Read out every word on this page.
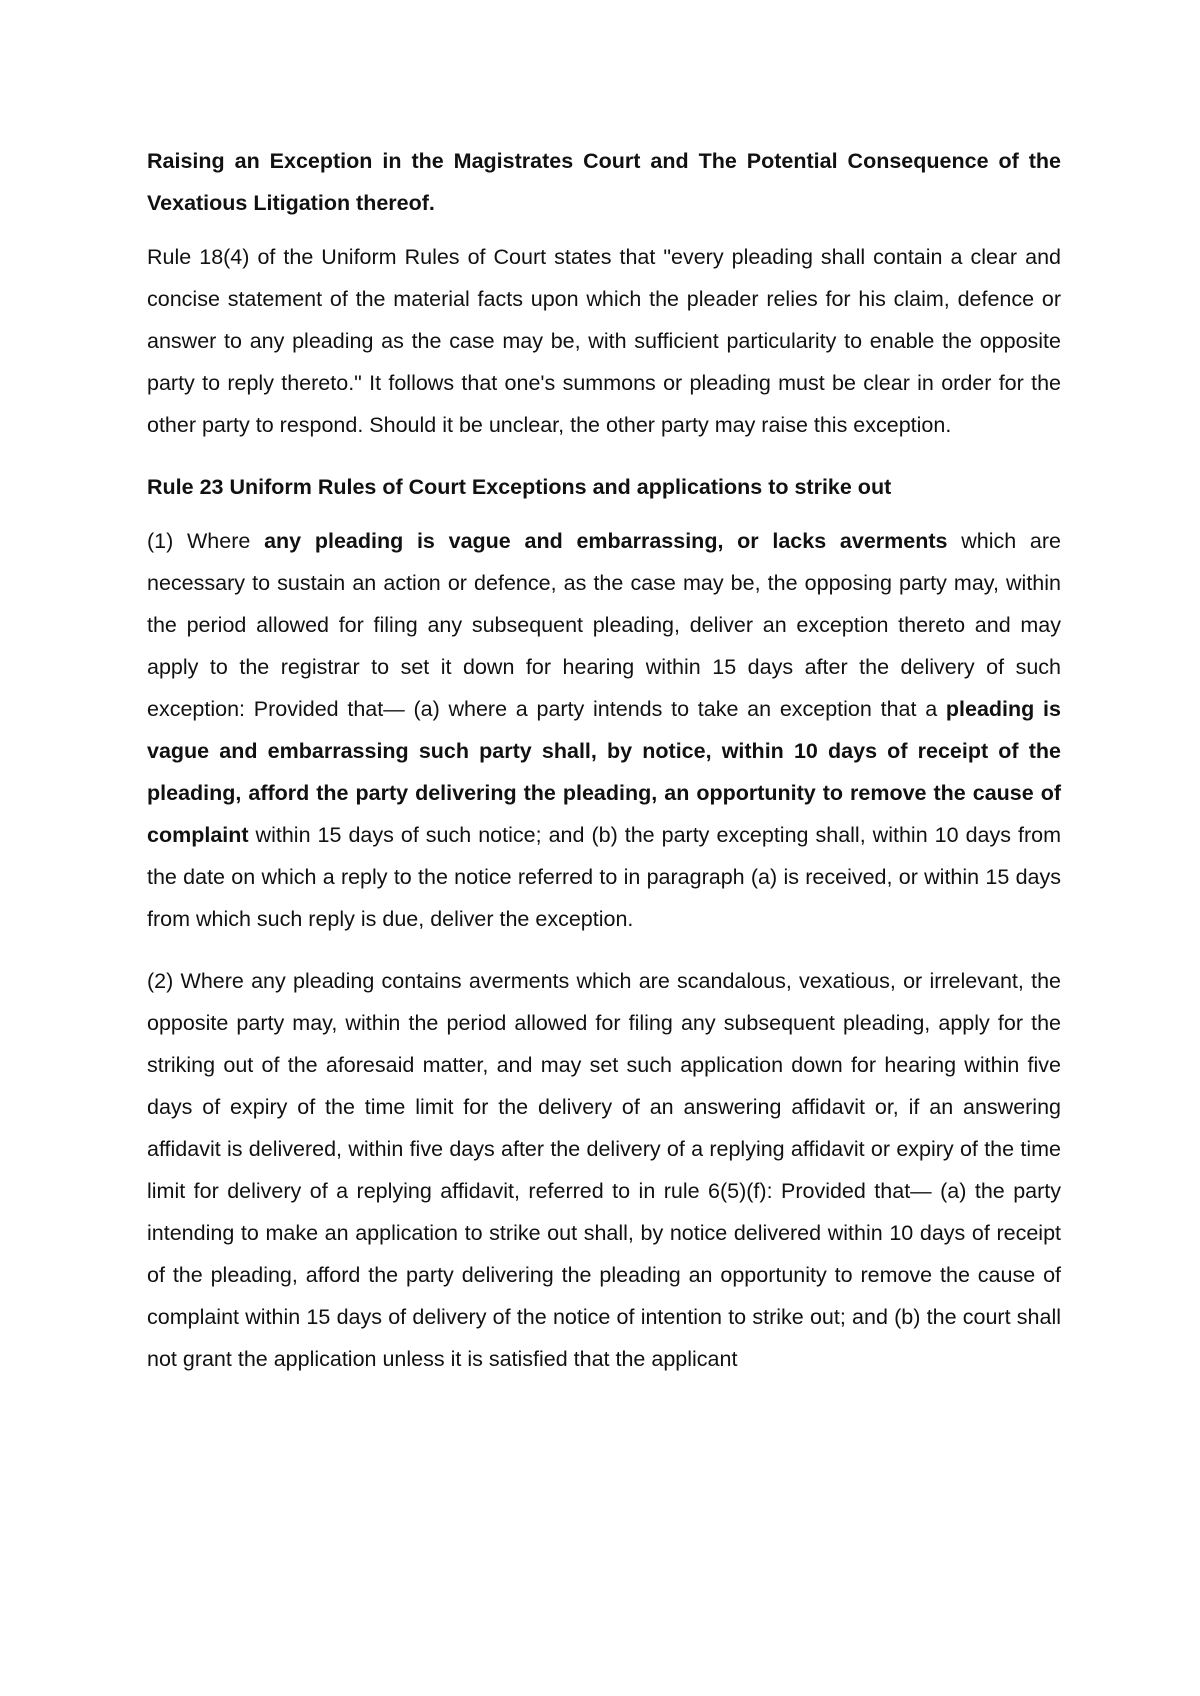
Raising an Exception in the Magistrates Court and The Potential Consequence of the Vexatious Litigation thereof.

Rule 18(4) of the Uniform Rules of Court states that "every pleading shall contain a clear and concise statement of the material facts upon which the pleader relies for his claim, defence or answer to any pleading as the case may be, with sufficient particularity to enable the opposite party to reply thereto." It follows that one's summons or pleading must be clear in order for the other party to respond. Should it be unclear, the other party may raise this exception.

Rule 23 Uniform Rules of Court Exceptions and applications to strike out

(1) Where any pleading is vague and embarrassing, or lacks averments which are necessary to sustain an action or defence, as the case may be, the opposing party may, within the period allowed for filing any subsequent pleading, deliver an exception thereto and may apply to the registrar to set it down for hearing within 15 days after the delivery of such exception: Provided that— (a) where a party intends to take an exception that a pleading is vague and embarrassing such party shall, by notice, within 10 days of receipt of the pleading, afford the party delivering the pleading, an opportunity to remove the cause of complaint within 15 days of such notice; and (b) the party excepting shall, within 10 days from the date on which a reply to the notice referred to in paragraph (a) is received, or within 15 days from which such reply is due, deliver the exception.

(2) Where any pleading contains averments which are scandalous, vexatious, or irrelevant, the opposite party may, within the period allowed for filing any subsequent pleading, apply for the striking out of the aforesaid matter, and may set such application down for hearing within five days of expiry of the time limit for the delivery of an answering affidavit or, if an answering affidavit is delivered, within five days after the delivery of a replying affidavit or expiry of the time limit for delivery of a replying affidavit, referred to in rule 6(5)(f): Provided that— (a) the party intending to make an application to strike out shall, by notice delivered within 10 days of receipt of the pleading, afford the party delivering the pleading an opportunity to remove the cause of complaint within 15 days of delivery of the notice of intention to strike out; and (b) the court shall not grant the application unless it is satisfied that the applicant
